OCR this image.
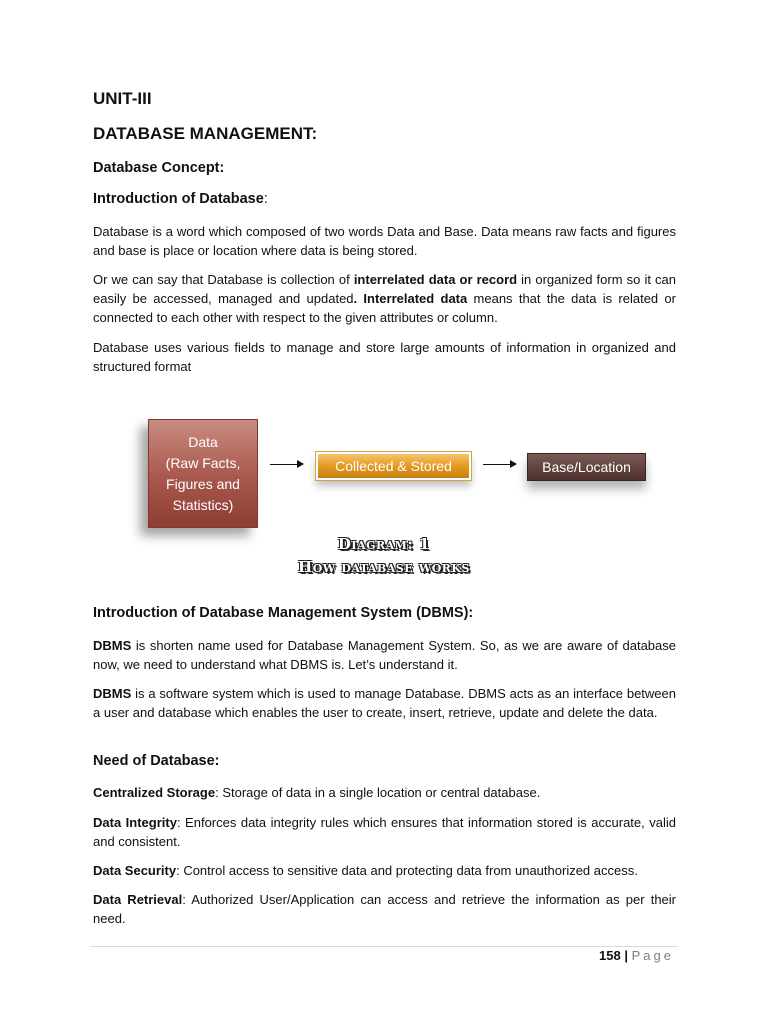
UNIT-III
DATABASE MANAGEMENT:
Database Concept:
Introduction of Database:
Database is a word which composed of two words Data and Base. Data means raw facts and figures and base is place or location where data is being stored.
Or we can say that Database is collection of interrelated data or record in organized form so it can easily be accessed, managed and updated. Interrelated data means that the data is related or connected to each other with respect to the given attributes or column.
Database uses various fields to manage and store large amounts of information in organized and structured format
Introduction of Database Management System (DBMS):
DBMS is shorten name used for Database Management System. So, as we are aware of database now, we need to understand what DBMS is. Let’s understand it.
DBMS is a software system which is used to manage Database. DBMS acts as an interface between a user and database which enables the user to create, insert, retrieve, update and delete the data.
Need of Database:
Centralized Storage: Storage of data in a single location or central database.
Data Integrity: Enforces data integrity rules which ensures that information stored is accurate, valid and consistent.
Data Security: Control access to sensitive data and protecting data from unauthorized access.
Data Retrieval: Authorized User/Application can access and retrieve the information as per their need.
Data
(Raw Facts,
Figures and
Statistics)
Collected & Stored	Base/Location
Diagram: 1
How database works
158 | Page
